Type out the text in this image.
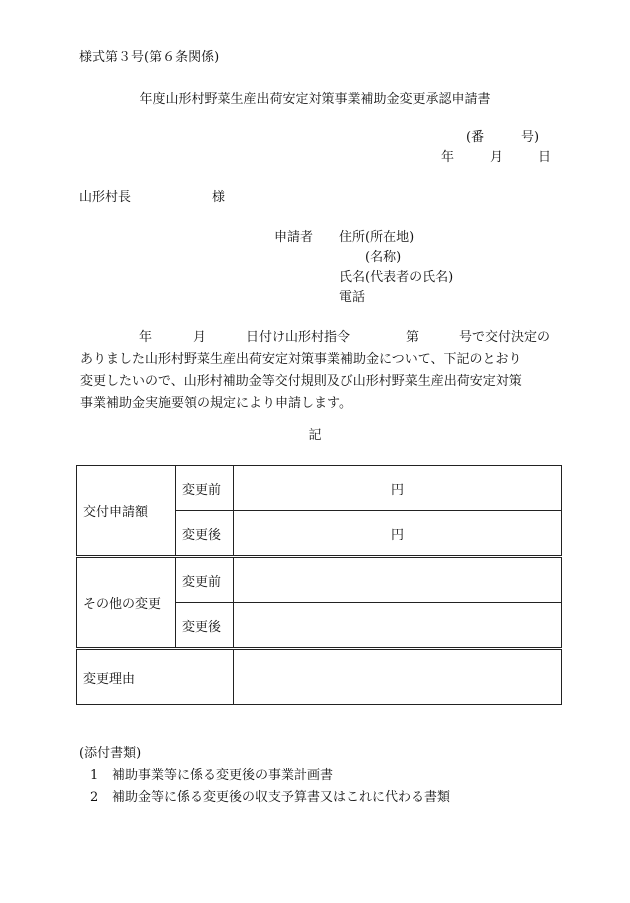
様式第３号(第６条関係)
年度山形村野菜生産出荷安定対策事業補助金変更承認申請書
(番	号)
年	月	日
山形村長	様
申請者 住所(所在地)
(名称)
氏名(代表者の氏名)
電話
年	月	日付け山形村指令	第	号で交付決定の
ありました山形村野菜生産出荷安定対策事業補助金について、下記のとおり
変更したいので、山形村補助金等交付規則及び山形村野菜生産出荷安定対策
事業補助金実施要領の規定により申請します。
記
交付申請額	変更前	円
	変更後	円
その他の変更	変更前	
	変更後	
変更理由		
(添付書類)
1 補助事業等に係る変更後の事業計画書
2 補助金等に係る変更後の収支予算書又はこれに代わる書類
